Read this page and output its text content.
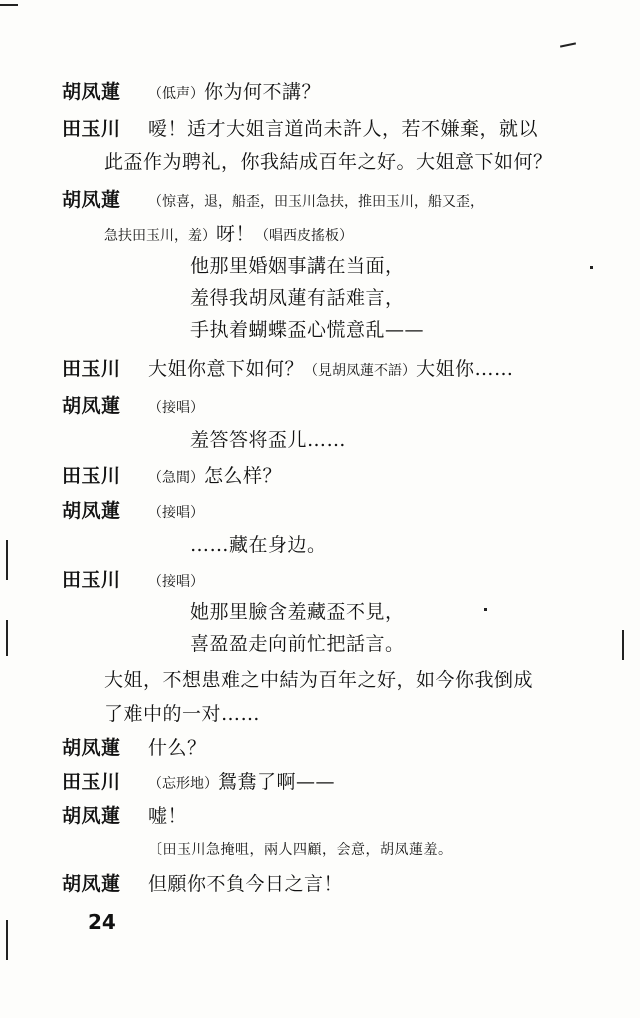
胡凤蓮 （低声）你为何不講？
田玉川 嗳！适才大姐言道尚未許人，若不嫌棄，就以
此盃作为聘礼，你我結成百年之好。大姐意下如何？
胡凤蓮 （惊喜，退，船歪，田玉川急扶，推田玉川，船又歪，
急扶田玉川，羞）呀！（唱西皮搖板）
他那里婚姻事講在当面，
羞得我胡凤蓮有話难言，
手执着蝴蝶盃心慌意乱——
田玉川 大姐你意下如何？（見胡凤蓮不語）大姐你……
胡凤蓮 （接唱）
羞答答将盃儿……
田玉川 （急間）怎么样？
胡凤蓮 （接唱）
……藏在身边。
田玉川 （接唱）
她那里臉含羞藏盃不見，
喜盈盈走向前忙把話言。
大姐，不想患难之中結为百年之好，如今你我倒成
了难中的一对……
胡凤蓮 什么？
田玉川 （忘形地）鴛鴦了啊——
胡凤蓮 嘘！
〔田玉川急掩咀，兩人四顧，会意，胡凤蓮羞。
胡凤蓮 但願你不負今日之言！
24
